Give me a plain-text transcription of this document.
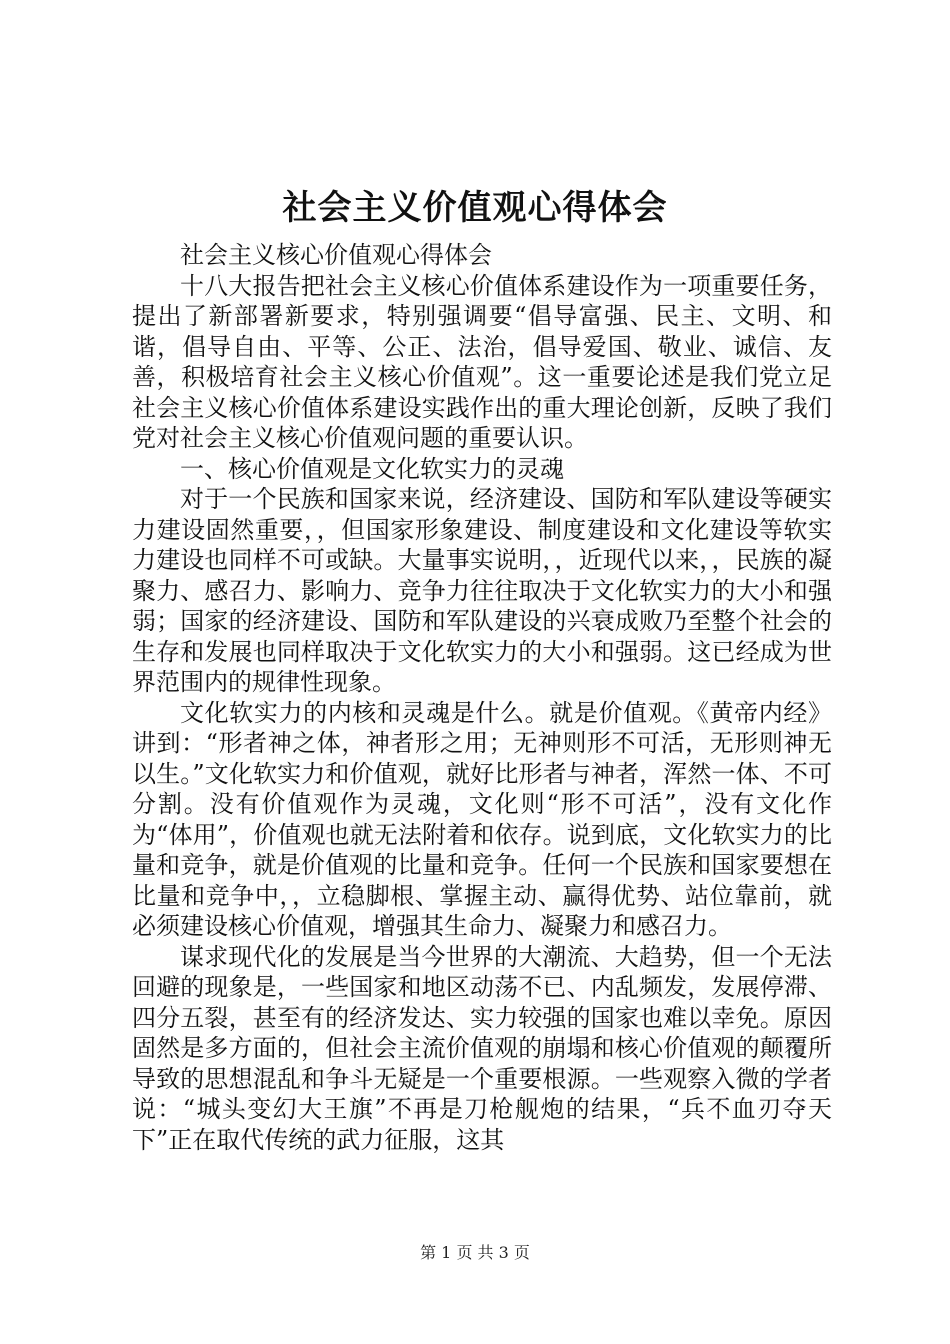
社会主义价值观心得体会

社会主义核心价值观心得体会

十八大报告把社会主义核心价值体系建设作为一项重要任务，提出了新部署新要求，特别强调要“倡导富强、民主、文明、和谐，倡导自由、平等、公正、法治，倡导爱国、敬业、诚信、友善，积极培育社会主义核心价值观”。这一重要论述是我们党立足社会主义核心价值体系建设实践作出的重大理论创新，反映了我们党对社会主义核心价值观问题的重要认识。

一、核心价值观是文化软实力的灵魂

对于一个民族和国家来说，经济建设、国防和军队建设等硬实力建设固然重要，，但国家形象建设、制度建设和文化建设等软实力建设也同样不可或缺。大量事实说明，，近现代以来，，民族的凝聚力、感召力、影响力、竞争力往往取决于文化软实力的大小和强弱；国家的经济建设、国防和军队建设的兴衰成败乃至整个社会的生存和发展也同样取决于文化软实力的大小和强弱。这已经成为世界范围内的规律性现象。

文化软实力的内核和灵魂是什么。就是价值观。《黄帝内经》讲到：“形者神之体，神者形之用；无神则形不可活，无形则神无以生。”文化软实力和价值观，就好比形者与神者，浑然一体、不可分割。没有价值观作为灵魂，文化则“形不可活”，没有文化作为“体用”，价值观也就无法附着和依存。说到底，文化软实力的比量和竞争，就是价值观的比量和竞争。任何一个民族和国家要想在比量和竞争中，，立稳脚根、掌握主动、赢得优势、站位靠前，就必须建设核心价值观，增强其生命力、凝聚力和感召力。

谋求现代化的发展是当今世界的大潮流、大趋势，但一个无法回避的现象是，一些国家和地区动荡不已、内乱频发，发展停滞、四分五裂，甚至有的经济发达、实力较强的国家也难以幸免。原因固然是多方面的，但社会主流价值观的崩塌和核心价值观的颠覆所导致的思想混乱和争斗无疑是一个重要根源。一些观察入微的学者说：“城头变幻大王旗”不再是刀枪舰炮的结果，“兵不血刃夺天下”正在取代传统的武力征服，这其

第 1 页 共 3 页
